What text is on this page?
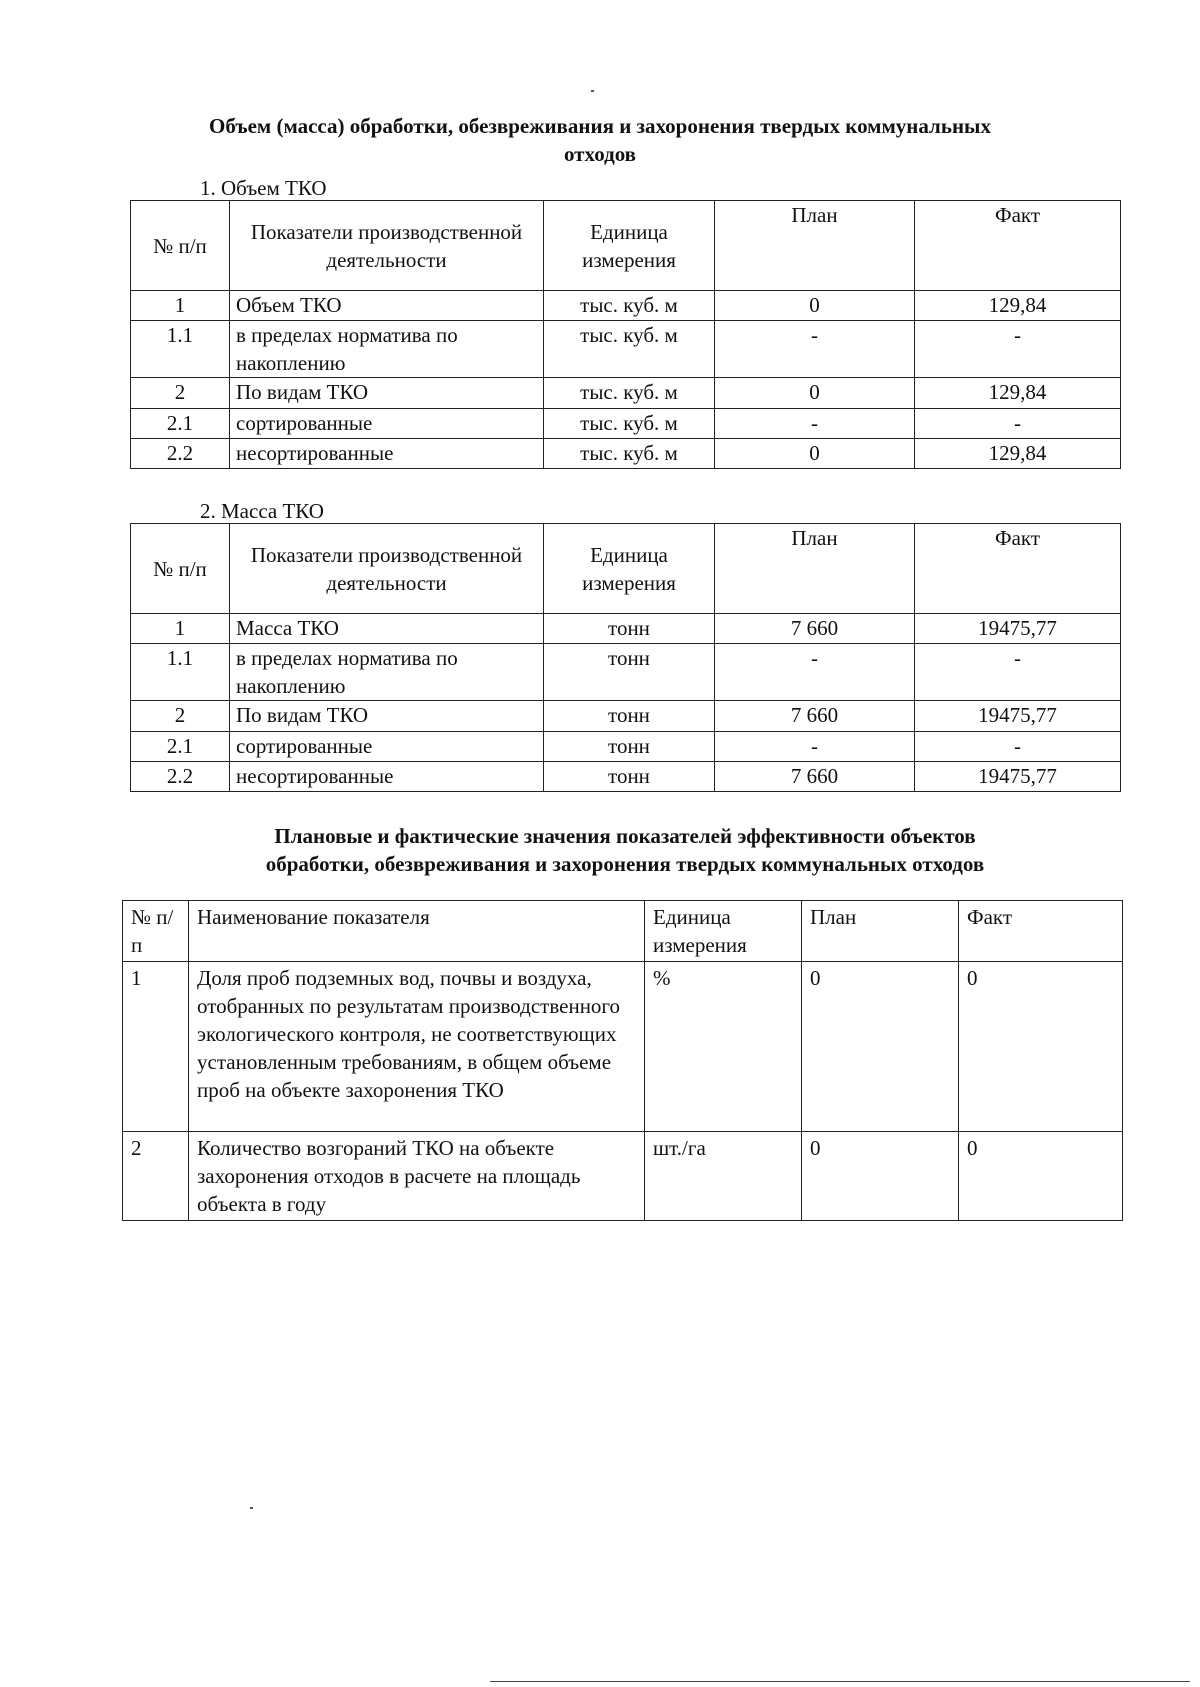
Объем (масса) обработки, обезвреживания и захоронения твердых коммунальных
отходов
1. Объем ТКО
№ п/п	Показатели производственной деятельности	Единица измерения	План	Факт
1	Объем ТКО	тыс. куб. м	0	129,84
1.1	в пределах норматива по накоплению	тыс. куб. м	-	-
2	По видам ТКО	тыс. куб. м	0	129,84
2.1	сортированные	тыс. куб. м	-	-
2.2	несортированные	тыс. куб. м	0	129,84
2. Масса ТКО
№ п/п	Показатели производственной деятельности	Единица измерения	План	Факт
1	Масса ТКО	тонн	7 660	19475,77
1.1	в пределах норматива по накоплению	тонн	-	-
2	По видам ТКО	тонн	7 660	19475,77
2.1	сортированные	тонн	-	-
2.2	несортированные	тонн	7 660	19475,77
Плановые и фактические значения показателей эффективности объектов
обработки, обезвреживания и захоронения твердых коммунальных отходов
№ п/п	Наименование показателя	Единица измерения	План	Факт
1	Доля проб подземных вод, почвы и воздуха, отобранных по результатам производственного экологического контроля, не соответствующих установленным требованиям, в общем объеме проб на объекте захоронения ТКО	%	0	0
2	Количество возгораний ТКО на объекте захоронения отходов в расчете на площадь объекта в году	шт./га	0	0
